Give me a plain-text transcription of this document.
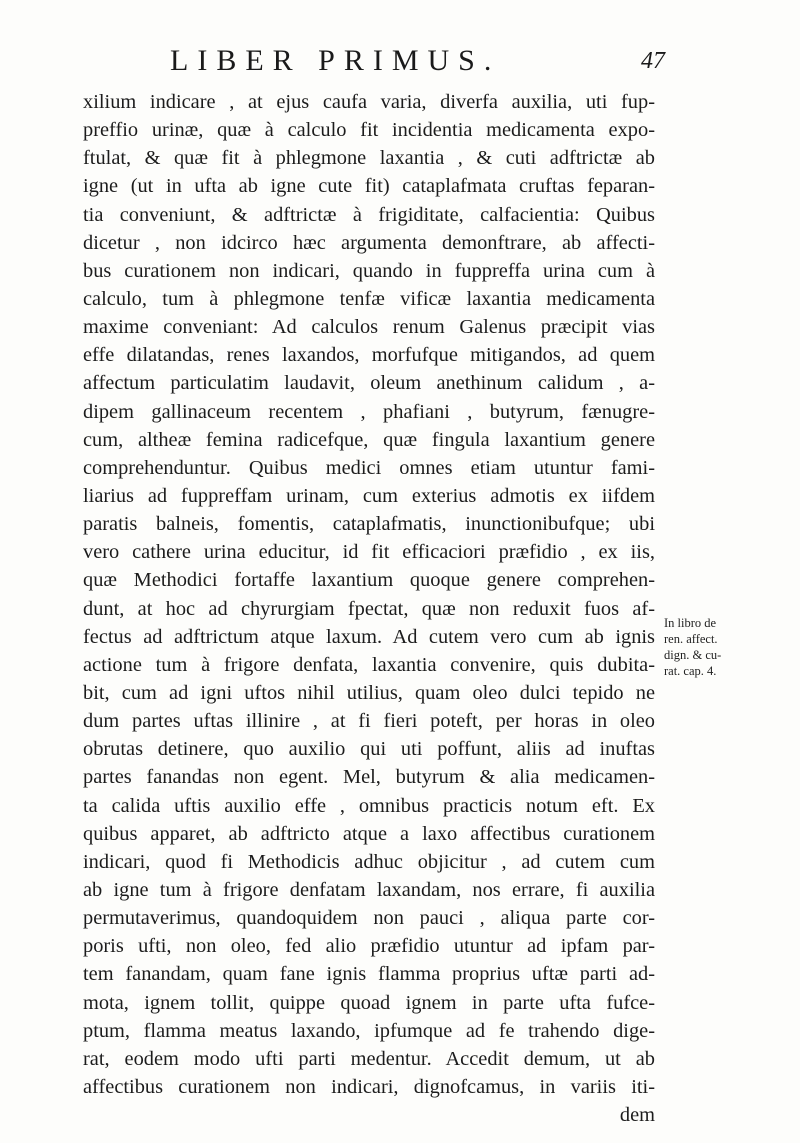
LIBER PRIMUS.	47
xilium indicare , at ejus caufa varia, diverfa auxilia, uti fup-
preffio urinæ, quæ à calculo fit incidentia medicamenta expo-
ftulat, & quæ fit à phlegmone laxantia , & cuti adftrictæ ab
igne (ut in ufta ab igne cute fit) cataplafmata cruftas feparan-
tia conveniunt, & adftrictæ à frigiditate, calfacientia: Quibus
dicetur , non idcirco hæc argumenta demonftrare, ab affecti-
bus curationem non indicari, quando in fuppreffa urina cum à
calculo, tum à phlegmone tenfæ vificæ laxantia medicamenta
maxime conveniant: Ad calculos renum Galenus præcipit vias
effe dilatandas, renes laxandos, morfufque mitigandos, ad quem
affectum particulatim laudavit, oleum anethinum calidum , a-
dipem gallinaceum recentem , phafiani , butyrum, fænugre-
cum, altheæ femina radicefque, quæ fingula laxantium genere
comprehenduntur. Quibus medici omnes etiam utuntur fami-
liarius ad fuppreffam urinam, cum exterius admotis ex iifdem
paratis balneis, fomentis, cataplafmatis, inunctionibufque; ubi
vero cathere urina educitur, id fit efficaciori præfidio , ex iis,
quæ Methodici fortaffe laxantium quoque genere comprehen-
dunt, at hoc ad chyrurgiam fpectat, quæ non reduxit fuos af-
fectus ad adftrictum atque laxum. Ad cutem vero cum ab ignis
actione tum à frigore denfata, laxantia convenire, quis dubita-
bit, cum ad igni uftos nihil utilius, quam oleo dulci tepido ne
dum partes uftas illinire , at fi fieri poteft, per horas in oleo
obrutas detinere, quo auxilio qui uti poffunt, aliis ad inuftas
partes fanandas non egent. Mel, butyrum & alia medicamen-
ta calida uftis auxilio effe , omnibus practicis notum eft. Ex
quibus apparet, ab adftricto atque a laxo affectibus curationem
indicari, quod fi Methodicis adhuc objicitur , ad cutem cum
ab igne tum à frigore denfatam laxandam, nos errare, fi auxilia
permutaverimus, quandoquidem non pauci , aliqua parte cor-
poris ufti, non oleo, fed alio præfidio utuntur ad ipfam par-
tem fanandam, quam fane ignis flamma proprius uftæ parti ad-
mota, ignem tollit, quippe quoad ignem in parte ufta fufce-
ptum, flamma meatus laxando, ipfumque ad fe trahendo dige-
rat, eodem modo ufti parti medentur. Accedit demum, ut ab
affectibus curationem non indicari, dignofcamus, in variis iti-
dem
In libro de
ren. affect.
dign. & cu-
rat. cap. 4.
